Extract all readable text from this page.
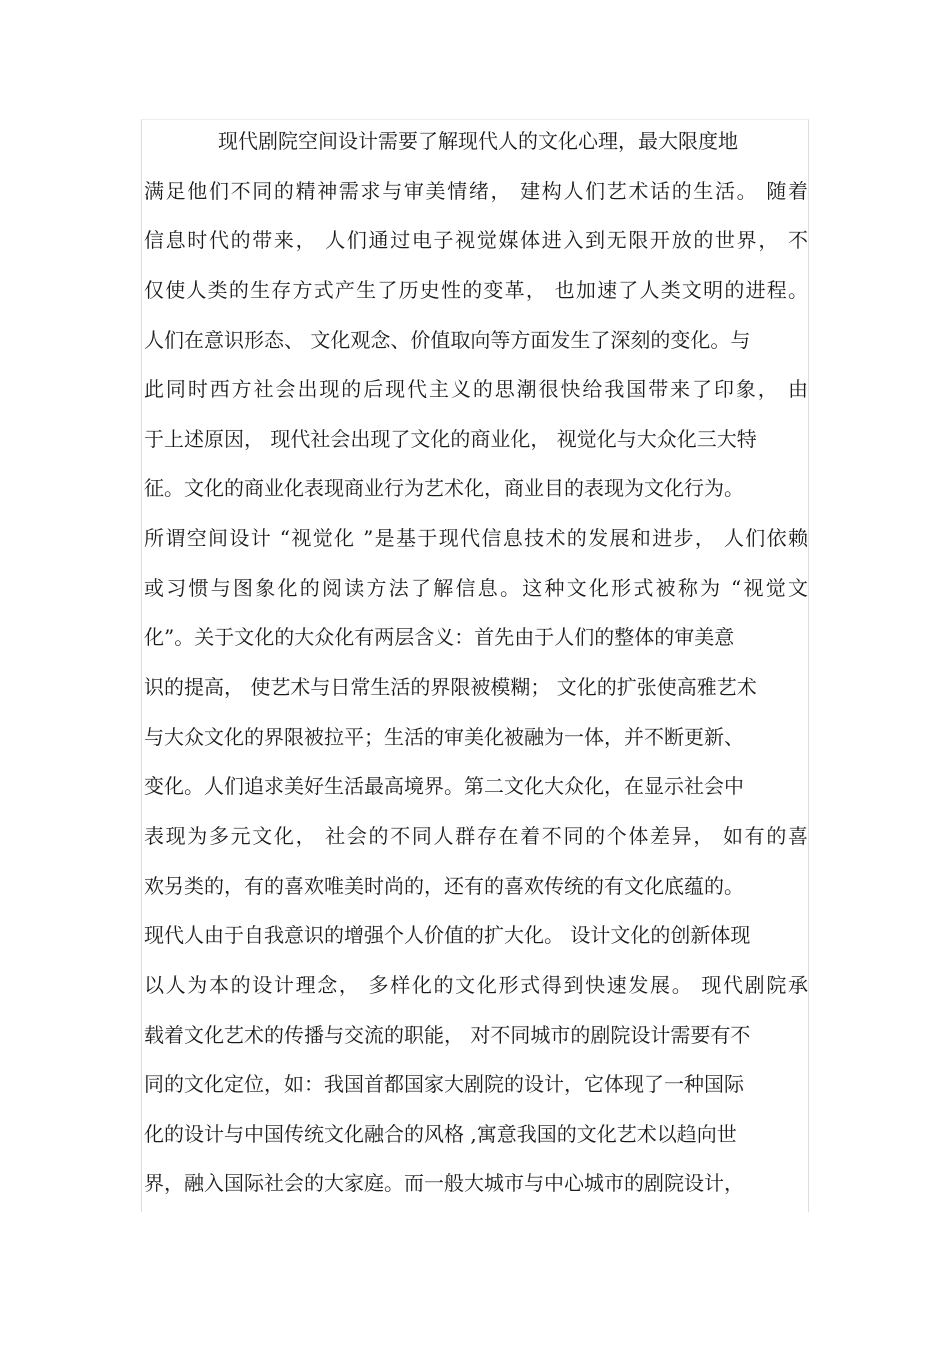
现代剧院空间设计需要了解现代人的文化心理，最大限度地
满足他们不同的精神需求与审美情绪， 建构人们艺术话的生活。 随着
信息时代的带来， 人们通过电子视觉媒体进入到无限开放的世界， 不
仅使人类的生存方式产生了历史性的变革， 也加速了人类文明的进程。
人们在意识形态、 文化观念、价值取向等方面发生了深刻的变化。与
此同时西方社会出现的后现代主义的思潮很快给我国带来了印象， 由
于上述原因， 现代社会出现了文化的商业化， 视觉化与大众化三大特
征。文化的商业化表现商业行为艺术化，商业目的表现为文化行为。
所谓空间设计 “视觉化 ”是基于现代信息技术的发展和进步， 人们依赖
或习惯与图象化的阅读方法了解信息。这种文化形式被称为 “视觉文
化”。关于文化的大众化有两层含义：首先由于人们的整体的审美意
识的提高， 使艺术与日常生活的界限被模糊； 文化的扩张使高雅艺术
与大众文化的界限被拉平；生活的审美化被融为一体，并不断更新、
变化。人们追求美好生活最高境界。第二文化大众化，在显示社会中
表现为多元文化， 社会的不同人群存在着不同的个体差异， 如有的喜
欢另类的，有的喜欢唯美时尚的，还有的喜欢传统的有文化底蕴的。
现代人由于自我意识的增强个人价值的扩大化。 设计文化的创新体现
以人为本的设计理念， 多样化的文化形式得到快速发展。 现代剧院承
载着文化艺术的传播与交流的职能， 对不同城市的剧院设计需要有不
同的文化定位，如：我国首都国家大剧院的设计，它体现了一种国际
化的设计与中国传统文化融合的风格 ,寓意我国的文化艺术以趋向世
界，融入国际社会的大家庭。而一般大城市与中心城市的剧院设计，
